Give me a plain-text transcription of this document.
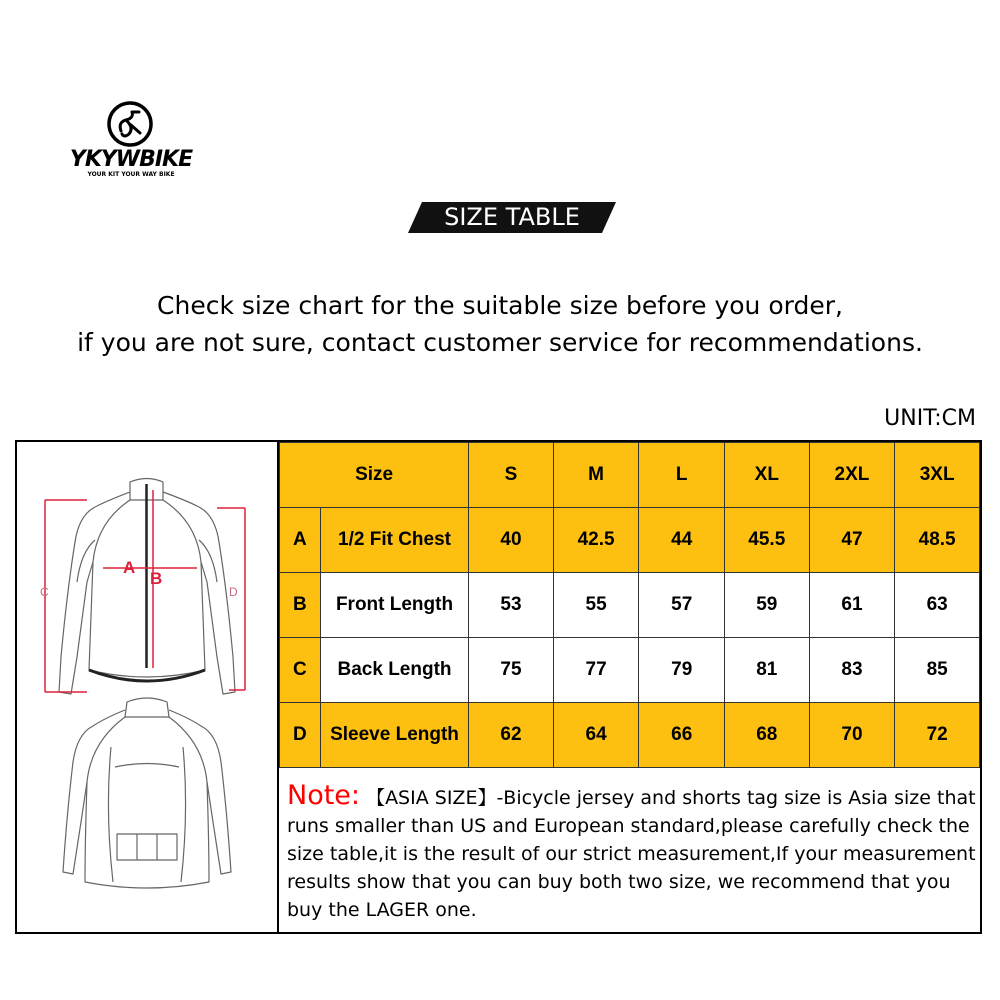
YKYWBIKE
YOUR KIT YOUR WAY BIKE
SIZE TABLE
Check size chart for the suitable size before you order,
if you are not sure, contact customer service for recommendations.
UNIT:CM
A
B
C	D
Size		S	M	L	XL	2XL	3XL
A	1/2 Fit Chest	40	42.5	44	45.5	47	48.5
B	Front Length	53	55	57	59	61	63
C	Back Length	75	77	79	81	83	85
D	Sleeve Length	62	64	66	68	70	72
Note: 【ASIA SIZE】-Bicycle jersey and shorts tag size is Asia size that runs smaller than US and European standard,please carefully check the size table,it is the result of our strict measurement,If your measurement results show that you can buy both two size, we recommend that you buy the LAGER one.
